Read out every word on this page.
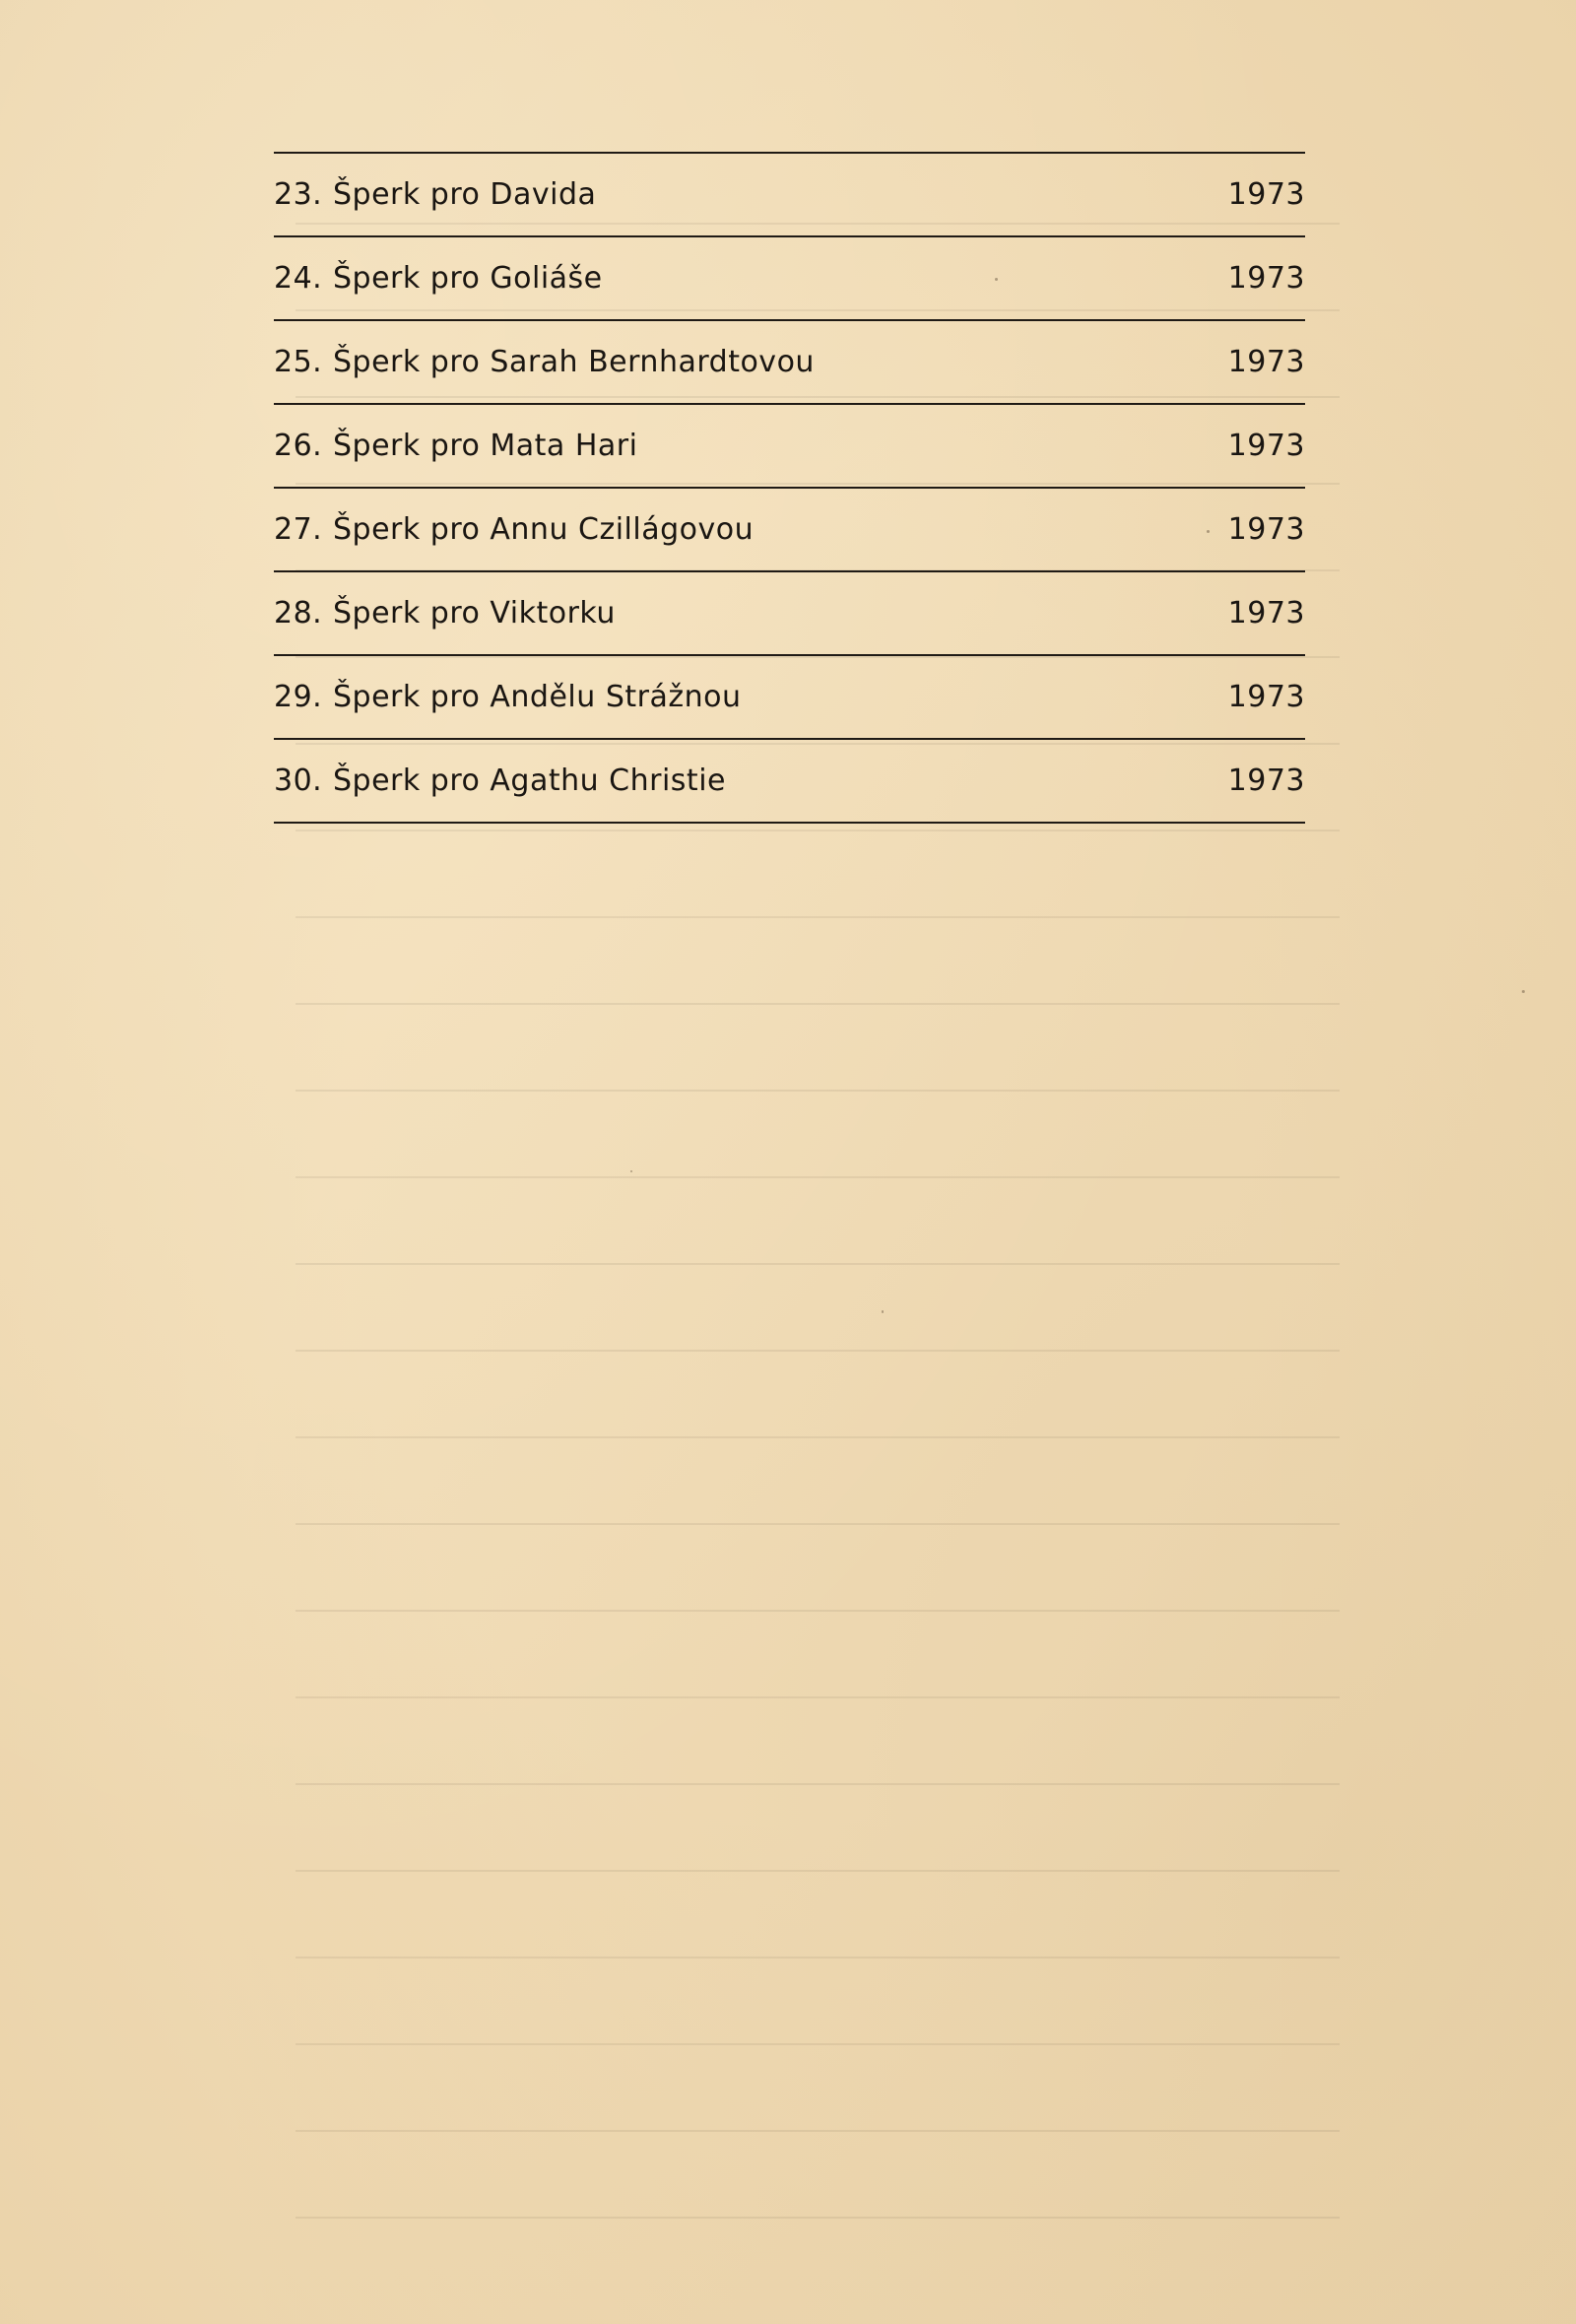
23. Šperk pro Davida	1973
24. Šperk pro Goliáše	1973
25. Šperk pro Sarah Bernhardtovou	1973
26. Šperk pro Mata Hari	1973
27. Šperk pro Annu Czillágovou	1973
28. Šperk pro Viktorku	1973
29. Šperk pro Andělu Strážnou	1973
30. Šperk pro Agathu Christie	1973
